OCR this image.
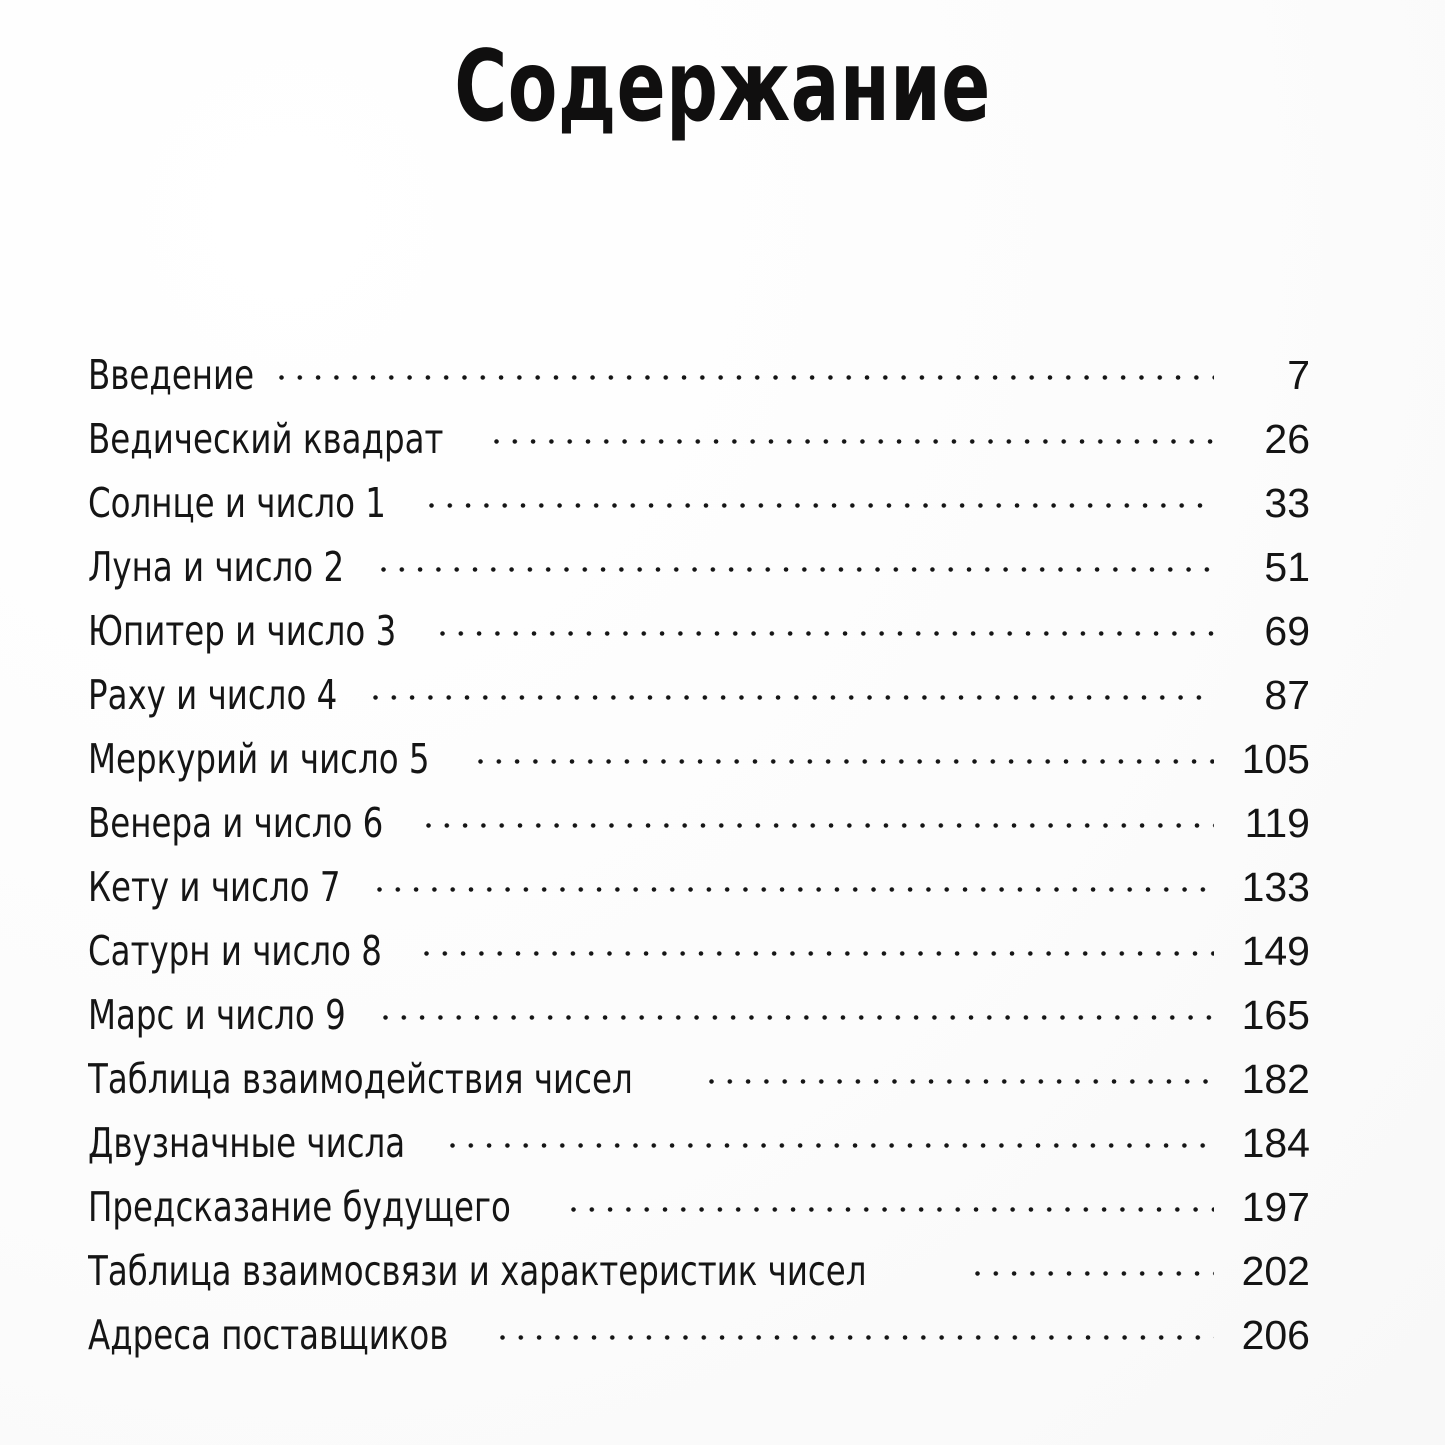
Содержание
Введение	7
Ведический квадрат	26
Солнце и число 1	33
Луна и число 2	51
Юпитер и число 3	69
Раху и число 4	87
Меркурий и число 5	105
Венера и число 6	119
Кету и число 7	133
Сатурн и число 8	149
Марс и число 9	165
Таблица взаимодействия чисел	182
Двузначные числа	184
Предсказание будущего	197
Таблица взаимосвязи и характеристик чисел	202
Адреса поставщиков	206
